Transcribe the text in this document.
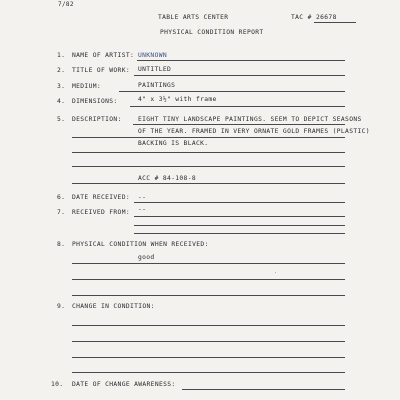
7/82
TABLE ARTS CENTER	TAC # 26678
PHYSICAL CONDITION REPORT
1. NAME OF ARTIST: UNKNOWN
2. TITLE OF WORK: UNTITLED
3. MEDIUM:	PAINTINGS
4. DIMENSIONS:	4" x 3½" with frame
5. DESCRIPTION:	EIGHT TINY LANDSCAPE PAINTINGS. SEEM TO DEPICT SEASONS
OF THE YEAR. FRAMED IN VERY ORNATE GOLD FRAMES (PLASTIC)
BACKING IS BLACK.
ACC # 84-108-8
6. DATE RECEIVED: --
7. RECEIVED FROM: --
8. PHYSICAL CONDITION WHEN RECEIVED:
good
9. CHANGE IN CONDITION:
10. DATE OF CHANGE AWARENESS:
